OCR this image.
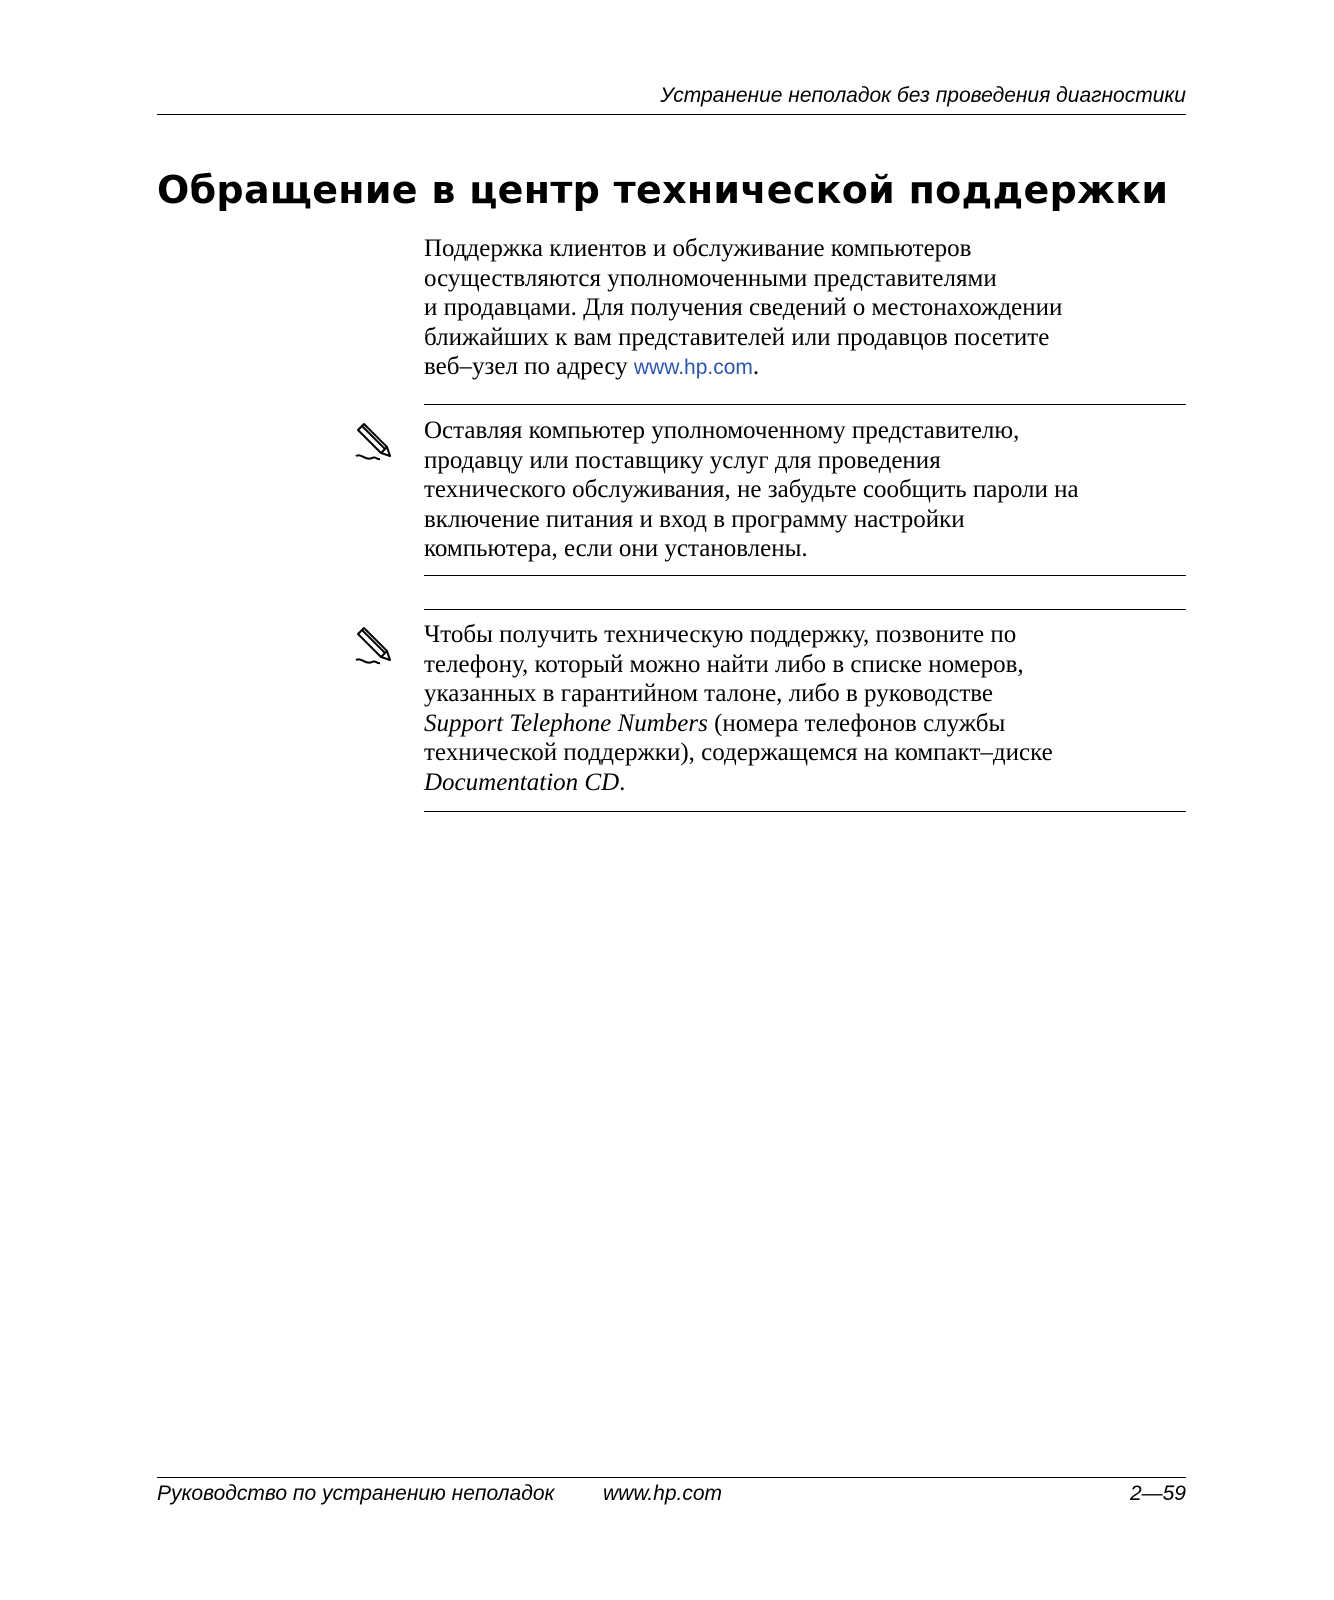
Устранение неполадок без проведения диагностики
Обращение в центр технической поддержки
Поддержка клиентов и обслуживание компьютеров
осуществляются уполномоченными представителями
и продавцами. Для получения сведений о местонахождении
ближайших к вам представителей или продавцов посетите
веб–узел по адресу www.hp.com.
Оставляя компьютер уполномоченному представителю,
продавцу или поставщику услуг для проведения
технического обслуживания, не забудьте сообщить пароли на
включение питания и вход в программу настройки
компьютера, если они установлены.
Чтобы получить техническую поддержку, позвоните по
телефону, который можно найти либо в списке номеров,
указанных в гарантийном талоне, либо в руководстве
Support Telephone Numbers (номера телефонов службы
технической поддержки), содержащемся на компакт–диске
Documentation CD.
Руководство по устранению неполадок www.hp.com	2—59
